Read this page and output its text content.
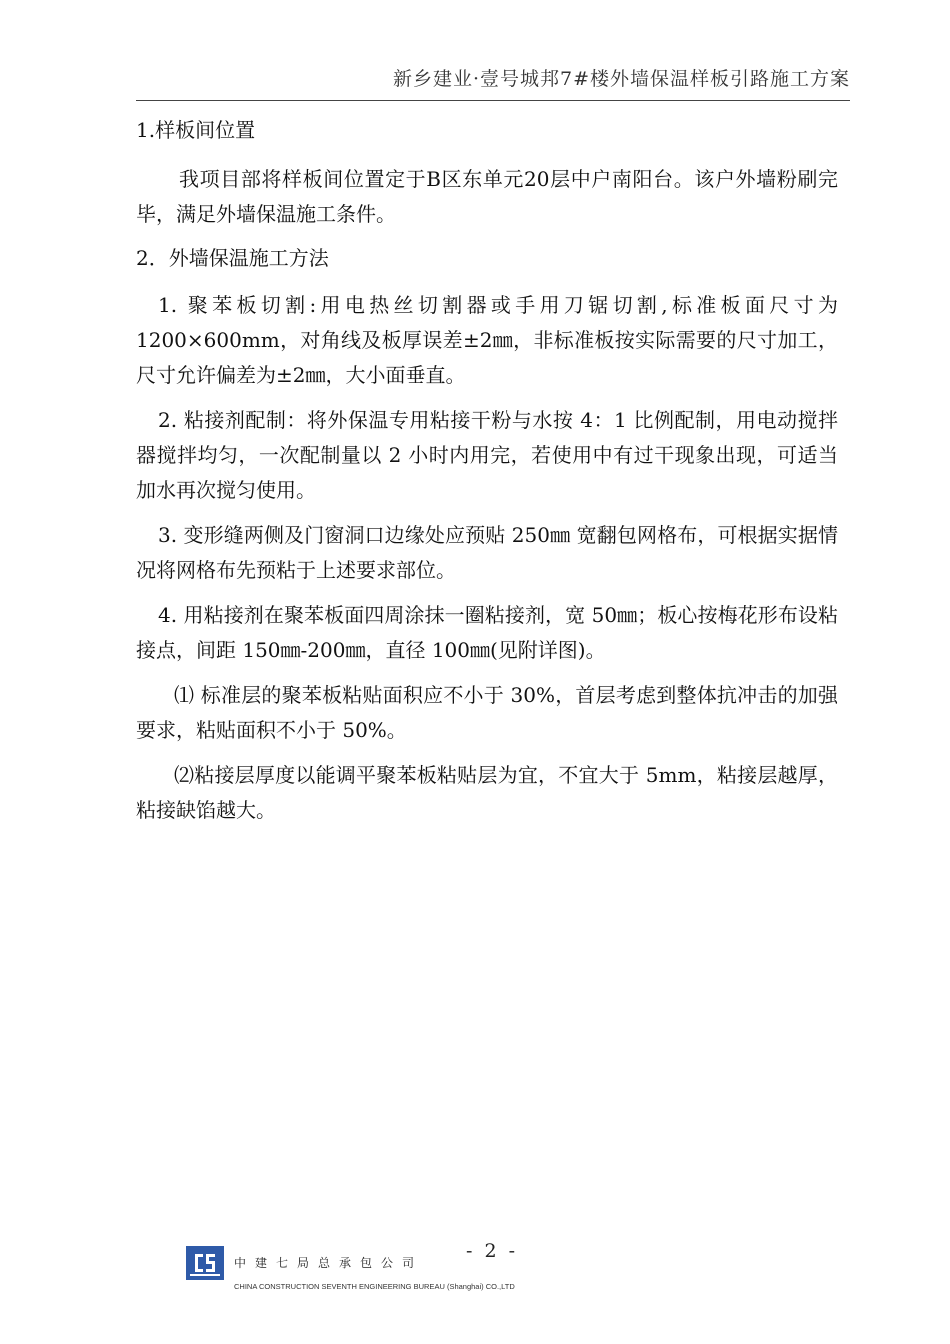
新乡建业·壹号城邦7#楼外墙保温样板引路施工方案

1.样板间位置

我项目部将样板间位置定于B区东单元20层中户南阳台。该户外墙粉刷完毕，满足外墙保温施工条件。

2．外墙保温施工方法

1. 聚苯板切割:用电热丝切割器或手用刀锯切割,标准板面尺寸为1200×600mm，对角线及板厚误差±2㎜，非标准板按实际需要的尺寸加工，尺寸允许偏差为±2㎜，大小面垂直。

2. 粘接剂配制：将外保温专用粘接干粉与水按 4：1 比例配制，用电动搅拌器搅拌均匀，一次配制量以 2 小时内用完，若使用中有过干现象出现，可适当加水再次搅匀使用。

3. 变形缝两侧及门窗洞口边缘处应预贴 250㎜ 宽翻包网格布，可根据实据情况将网格布先预粘于上述要求部位。

4. 用粘接剂在聚苯板面四周涂抹一圈粘接剂，宽 50㎜；板心按梅花形布设粘接点，间距 150㎜-200㎜，直径 100㎜(见附详图)。

⑴ 标准层的聚苯板粘贴面积应不小于 30%，首层考虑到整体抗冲击的加强要求，粘贴面积不小于 50%。

⑵粘接层厚度以能调平聚苯板粘贴层为宜，不宜大于 5mm，粘接层越厚，粘接缺馅越大。

中建七局总承包公司
CHINA CONSTRUCTION SEVENTH ENGINEERING BUREAU (Shanghai) CO.,LTD
- 2 -
